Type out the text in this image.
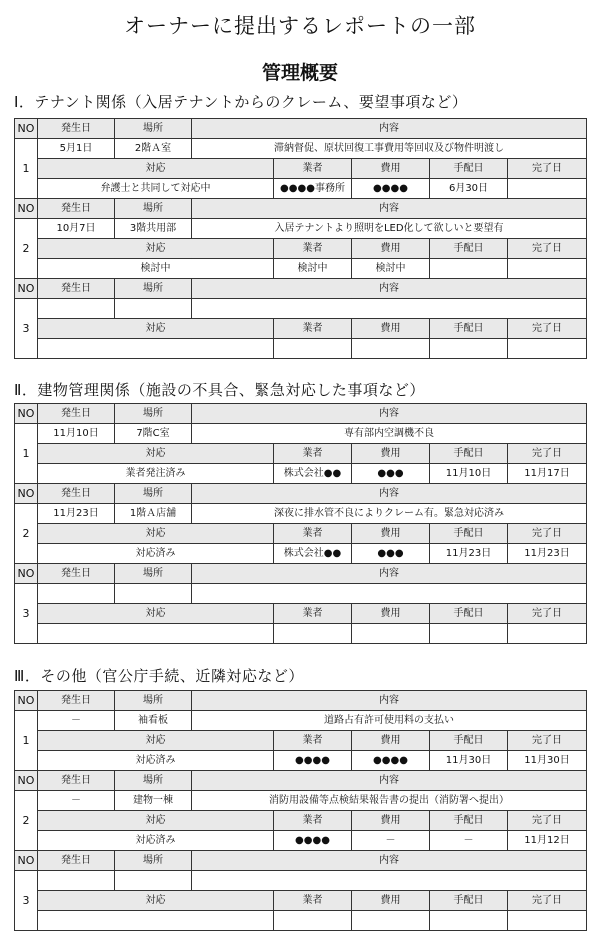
オーナーに提出するレポートの一部
管理概要
Ⅰ．テナント関係（入居テナントからのクレーム、要望事項など）
Ⅱ．建物管理関係（施設の不具合、緊急対応した事項など）
Ⅲ．その他（官公庁手続、近隣対応など）
NO	発生日	場所	内容				
1	5月1日	2階Ａ室	滞納督促、原状回復工事費用等回収及び物件明渡し				
	対応			業者	費用	手配日	完了日
	弁護士と共同して対応中			●●●●事務所	●●●●	6月30日	
NO	発生日	場所	内容				
2	10月7日	3階共用部	入居テナントより照明をLED化して欲しいと要望有				
	対応			業者	費用	手配日	完了日
	検討中			検討中	検討中		
NO	発生日	場所	内容				
3							
	対応			業者	費用	手配日	完了日

NO	発生日	場所	内容				
1	11月10日	7階C室	専有部内空調機不良				
	対応			業者	費用	手配日	完了日
	業者発注済み			株式会社●●	●●●	11月10日	11月17日
NO	発生日	場所	内容				
2	11月23日	1階Ａ店舗	深夜に排水管不良によりクレーム有。緊急対応済み				
	対応			業者	費用	手配日	完了日
	対応済み			株式会社●●	●●●	11月23日	11月23日
NO	発生日	場所	内容				
3							
	対応			業者	費用	手配日	完了日

NO	発生日	場所	内容				
1	－	袖看板	道路占有許可使用料の支払い				
	対応			業者	費用	手配日	完了日
	対応済み			●●●●	●●●●	11月30日	11月30日
NO	発生日	場所	内容				
2	－	建物一棟	消防用設備等点検結果報告書の提出（消防署へ提出）				
	対応			業者	費用	手配日	完了日
	対応済み			●●●●	－	－	11月12日
NO	発生日	場所	内容				
3							
	対応			業者	費用	手配日	完了日
